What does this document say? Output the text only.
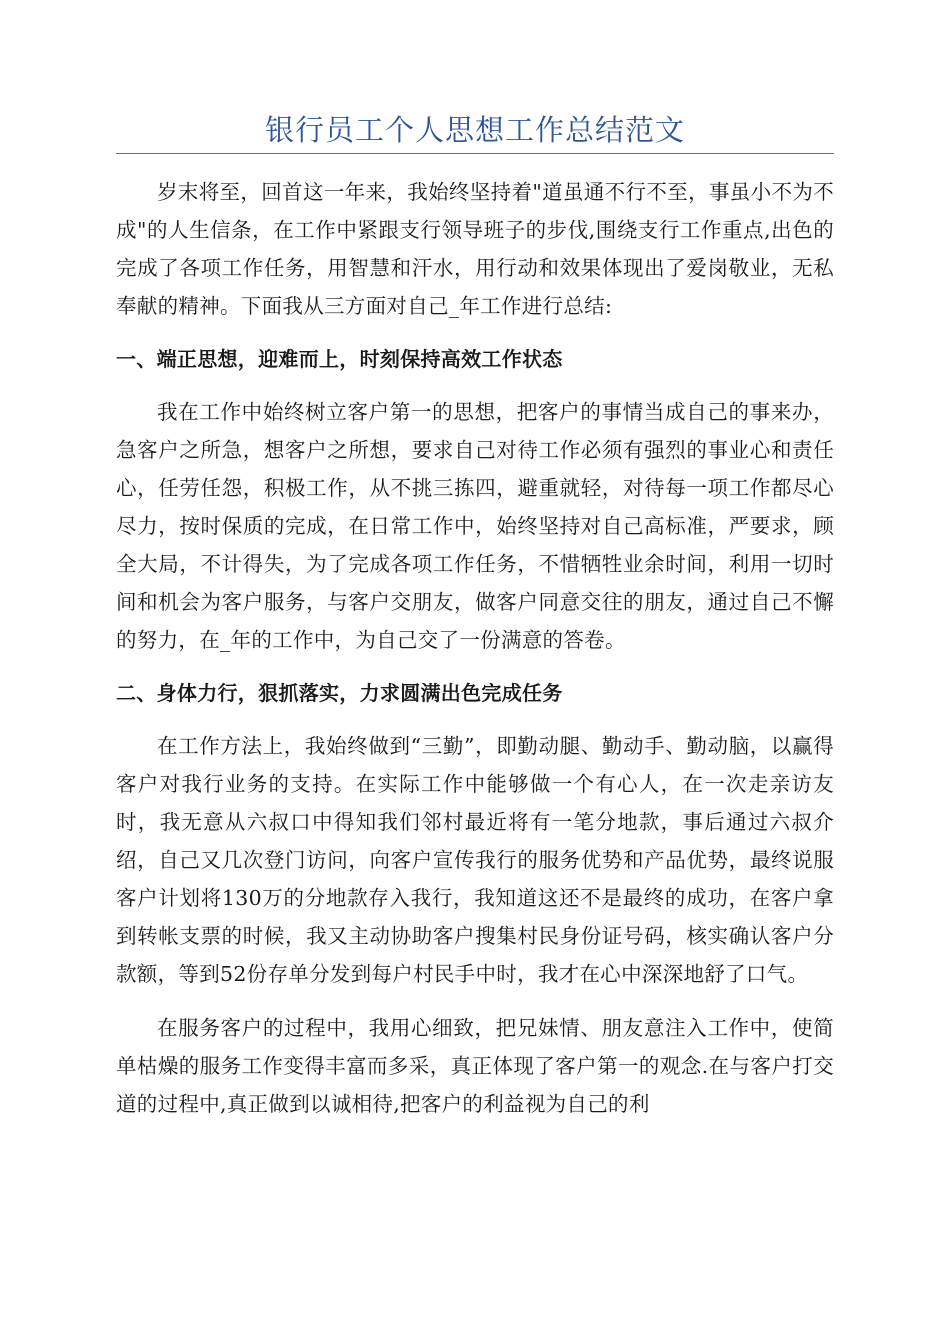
银行员工个人思想工作总结范文

岁末将至，回首这一年来，我始终坚持着"道虽通不行不至，事虽小不为不成"的人生信条，在工作中紧跟支行领导班子的步伐,围绕支行工作重点,出色的完成了各项工作任务，用智慧和汗水，用行动和效果体现出了爱岗敬业，无私奉献的精神。下面我从三方面对自己_年工作进行总结:

一、端正思想，迎难而上，时刻保持高效工作状态

我在工作中始终树立客户第一的思想，把客户的事情当成自己的事来办，急客户之所急，想客户之所想，要求自己对待工作必须有强烈的事业心和责任心，任劳任怨，积极工作，从不挑三拣四，避重就轻，对待每一项工作都尽心尽力，按时保质的完成，在日常工作中，始终坚持对自己高标准，严要求，顾全大局，不计得失，为了完成各项工作任务，不惜牺牲业余时间，利用一切时间和机会为客户服务，与客户交朋友，做客户同意交往的朋友，通过自己不懈的努力，在_年的工作中，为自己交了一份满意的答卷。

二、身体力行，狠抓落实，力求圆满出色完成任务

在工作方法上，我始终做到“三勤”，即勤动腿、勤动手、勤动脑，以赢得客户对我行业务的支持。在实际工作中能够做一个有心人，在一次走亲访友时，我无意从六叔口中得知我们邻村最近将有一笔分地款，事后通过六叔介绍，自己又几次登门访问，向客户宣传我行的服务优势和产品优势，最终说服客户计划将130万的分地款存入我行，我知道这还不是最终的成功，在客户拿到转帐支票的时候，我又主动协助客户搜集村民身份证号码，核实确认客户分款额，等到52份存单分发到每户村民手中时，我才在心中深深地舒了口气。

在服务客户的过程中，我用心细致，把兄妹情、朋友意注入工作中，使简单枯燥的服务工作变得丰富而多采，真正体现了客户第一的观念.在与客户打交道的过程中,真正做到以诚相待,把客户的利益视为自己的利
